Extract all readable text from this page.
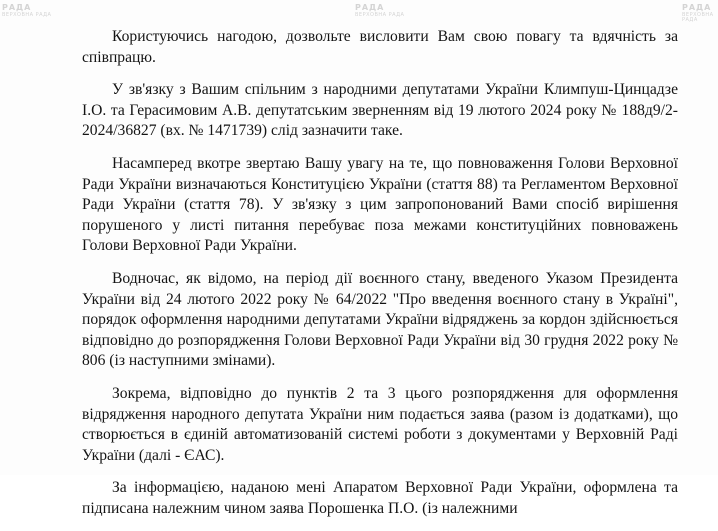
РАДА
ВЕРХОВНА РАДА
РАДА
ВЕРХОВНА РАДА
РАДА
ВЕРХОВНА РАДА

Користуючись нагодою, дозвольте висловити Вам свою повагу та вдячність за співпрацю.

У зв'язку з Вашим спільним з народними депутатами України Климпуш-Цинцадзе І.О. та Герасимовим А.В. депутатським зверненням від 19 лютого 2024 року № 188д9/2-2024/36827 (вх. № 1471739) слід зазначити таке.

Насамперед вкотре звертаю Вашу увагу на те, що повноваження Голови Верховної Ради України визначаються Конституцією України (стаття 88) та Регламентом Верховної Ради України (стаття 78). У зв'язку з цим запропонований Вами спосіб вирішення порушеного у листі питання перебуває поза межами конституційних повноважень Голови Верховної Ради України.

Водночас, як відомо, на період дії воєнного стану, введеного Указом Президента України від 24 лютого 2022 року № 64/2022 "Про введення воєнного стану в Україні", порядок оформлення народними депутатами України відряджень за кордон здійснюється відповідно до розпорядження Голови Верховної Ради України від 30 грудня 2022 року № 806 (із наступними змінами).

Зокрема, відповідно до пунктів 2 та 3 цього розпорядження для оформлення відрядження народного депутата України ним подається заява (разом із додатками), що створюється в єдиній автоматизованій системі роботи з документами у Верховній Раді України (далі - ЄАС).

За інформацією, наданою мені Апаратом Верховної Ради України, оформлена та підписана належним чином заява Порошенка П.О. (із належними
